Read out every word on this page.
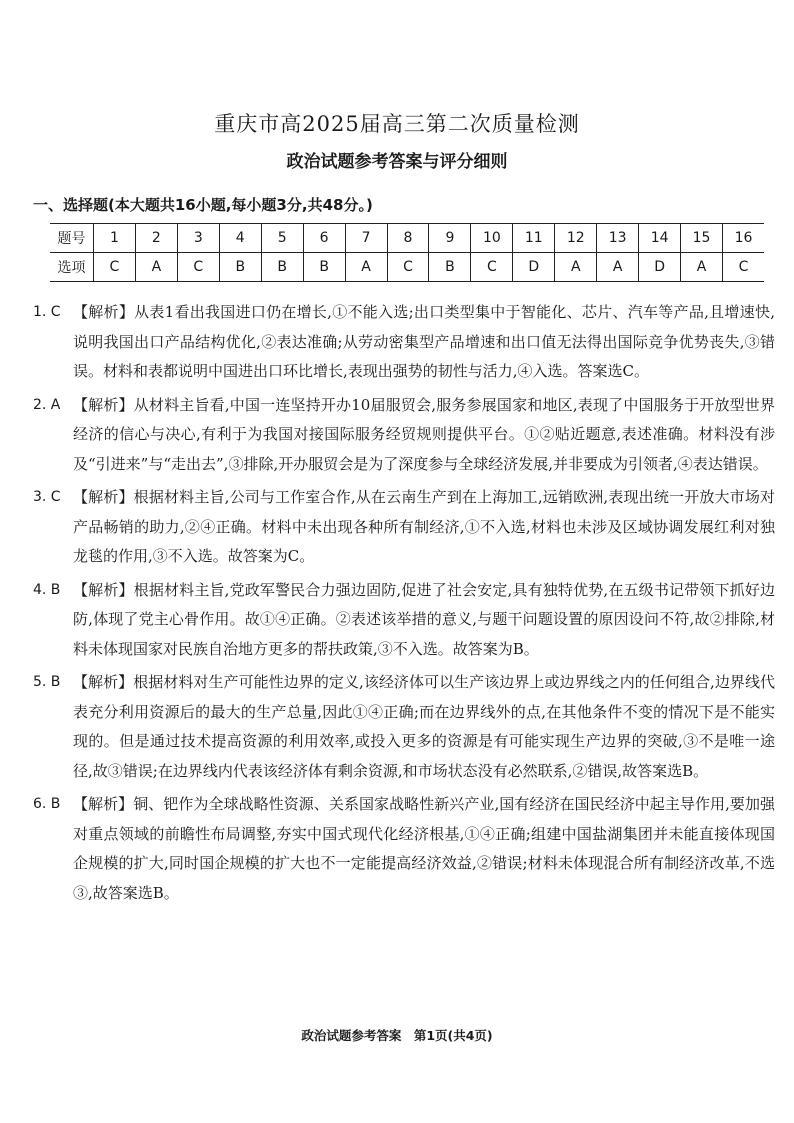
重庆市高2025届高三第二次质量检测
政治试题参考答案与评分细则
一、选择题(本大题共16小题,每小题3分,共48分。)
题号	1	2	3	4	5	6	7	8	9	10	11	12	13	14	15	16
选项	C	A	C	B	B	B	A	C	B	C	D	A	A	D	A	C
1. C 【解析】从表1看出我国进口仍在增长,①不能入选;出口类型集中于智能化、芯片、汽车等产品,且增速快,说明我国出口产品结构优化,②表达准确;从劳动密集型产品增速和出口值无法得出国际竞争优势丧失,③错误。材料和表都说明中国进出口环比增长,表现出强势的韧性与活力,④入选。答案选C。
2. A 【解析】从材料主旨看,中国一连坚持开办10届服贸会,服务参展国家和地区,表现了中国服务于开放型世界经济的信心与决心,有利于为我国对接国际服务经贸规则提供平台。①②贴近题意,表述准确。材料没有涉及“引进来”与“走出去”,③排除,开办服贸会是为了深度参与全球经济发展,并非要成为引领者,④表达错误。
3. C 【解析】根据材料主旨,公司与工作室合作,从在云南生产到在上海加工,远销欧洲,表现出统一开放大市场对产品畅销的助力,②④正确。材料中未出现各种所有制经济,①不入选,材料也未涉及区域协调发展红利对独龙毯的作用,③不入选。故答案为C。
4. B 【解析】根据材料主旨,党政军警民合力强边固防,促进了社会安定,具有独特优势,在五级书记带领下抓好边防,体现了党主心骨作用。故①④正确。②表述该举措的意义,与题干问题设置的原因设问不符,故②排除,材料未体现国家对民族自治地方更多的帮扶政策,③不入选。故答案为B。
5. B 【解析】根据材料对生产可能性边界的定义,该经济体可以生产该边界上或边界线之内的任何组合,边界线代表充分利用资源后的最大的生产总量,因此①④正确;而在边界线外的点,在其他条件不变的情况下是不能实现的。但是通过技术提高资源的利用效率,或投入更多的资源是有可能实现生产边界的突破,③不是唯一途径,故③错误;在边界线内代表该经济体有剩余资源,和市场状态没有必然联系,②错误,故答案选B。
6. B 【解析】铜、钯作为全球战略性资源、关系国家战略性新兴产业,国有经济在国民经济中起主导作用,要加强对重点领域的前瞻性布局调整,夯实中国式现代化经济根基,①④正确;组建中国盐湖集团并未能直接体现国企规模的扩大,同时国企规模的扩大也不一定能提高经济效益,②错误;材料未体现混合所有制经济改革,不选③,故答案选B。
政治试题参考答案　第1页(共4页)
